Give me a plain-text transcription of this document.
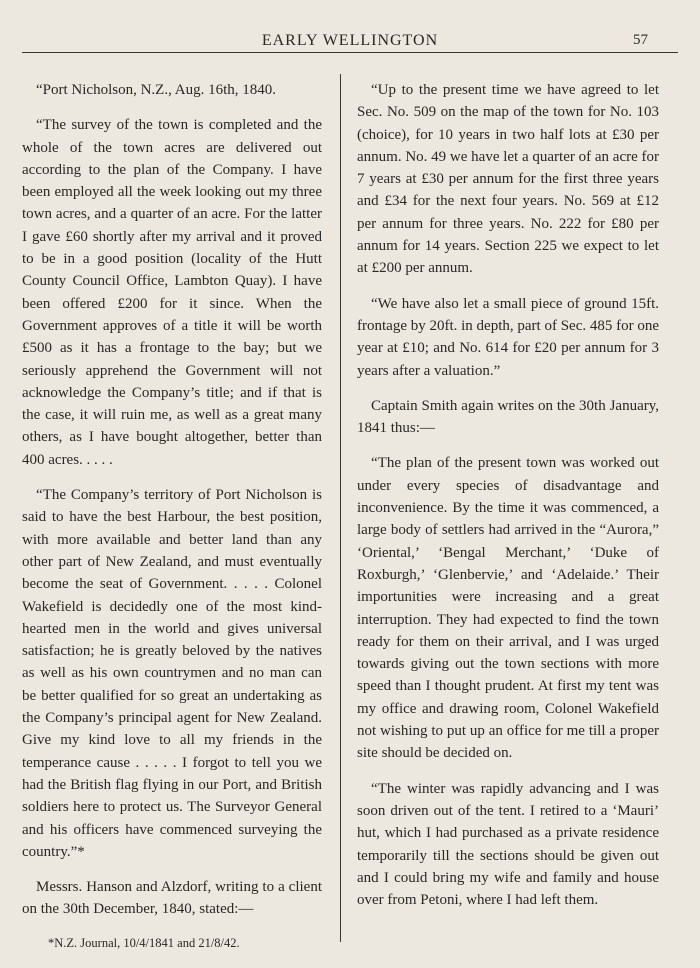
EARLY WELLINGTON	57

“Port Nicholson, N.Z., Aug. 16th, 1840.

“The survey of the town is completed and the whole of the town acres are delivered out according to the plan of the Company. I have been employed all the week looking out my three town acres, and a quarter of an acre. For the latter I gave £60 shortly after my arrival and it proved to be in a good position (locality of the Hutt County Council Office, Lambton Quay). I have been offered £200 for it since. When the Government approves of a title it will be worth £500 as it has a frontage to the bay; but we seriously apprehend the Government will not acknowledge the Company’s title; and if that is the case, it will ruin me, as well as a great many others, as I have bought altogether, better than 400 acres. . . . .

“The Company’s territory of Port Nicholson is said to have the best Harbour, the best position, with more available and better land than any other part of New Zealand, and must eventually become the seat of Government. . . . . Colonel Wakefield is decidedly one of the most kind-hearted men in the world and gives universal satisfaction; he is greatly beloved by the natives as well as his own countrymen and no man can be better qualified for so great an undertaking as the Company’s principal agent for New Zealand. Give my kind love to all my friends in the temperance cause . . . . . I forgot to tell you we had the British flag flying in our Port, and British soldiers here to protect us. The Surveyor General and his officers have commenced surveying the country.”*

Messrs. Hanson and Alzdorf, writing to a client on the 30th December, 1840, stated:—

*N.Z. Journal, 10/4/1841 and 21/8/42.

“Up to the present time we have agreed to let Sec. No. 509 on the map of the town for No. 103 (choice), for 10 years in two half lots at £30 per annum. No. 49 we have let a quarter of an acre for 7 years at £30 per annum for the first three years and £34 for the next four years. No. 569 at £12 per annum for three years. No. 222 for £80 per annum for 14 years. Section 225 we expect to let at £200 per annum.

“We have also let a small piece of ground 15ft. frontage by 20ft. in depth, part of Sec. 485 for one year at £10; and No. 614 for £20 per annum for 3 years after a valuation.”

Captain Smith again writes on the 30th January, 1841 thus:—

“The plan of the present town was worked out under every species of disadvantage and inconvenience. By the time it was commenced, a large body of settlers had arrived in the “Aurora,” ‘Oriental,’ ‘Bengal Merchant,’ ‘Duke of Roxburgh,’ ‘Glenbervie,’ and ‘Adelaide.’ Their importunities were increasing and a great interruption. They had expected to find the town ready for them on their arrival, and I was urged towards giving out the town sections with more speed than I thought prudent. At first my tent was my office and drawing room, Colonel Wakefield not wishing to put up an office for me till a proper site should be decided on.

“The winter was rapidly advancing and I was soon driven out of the tent. I retired to a ‘Mauri’ hut, which I had purchased as a private residence temporarily till the sections should be given out and I could bring my wife and family and house over from Petoni, where I had left them.
